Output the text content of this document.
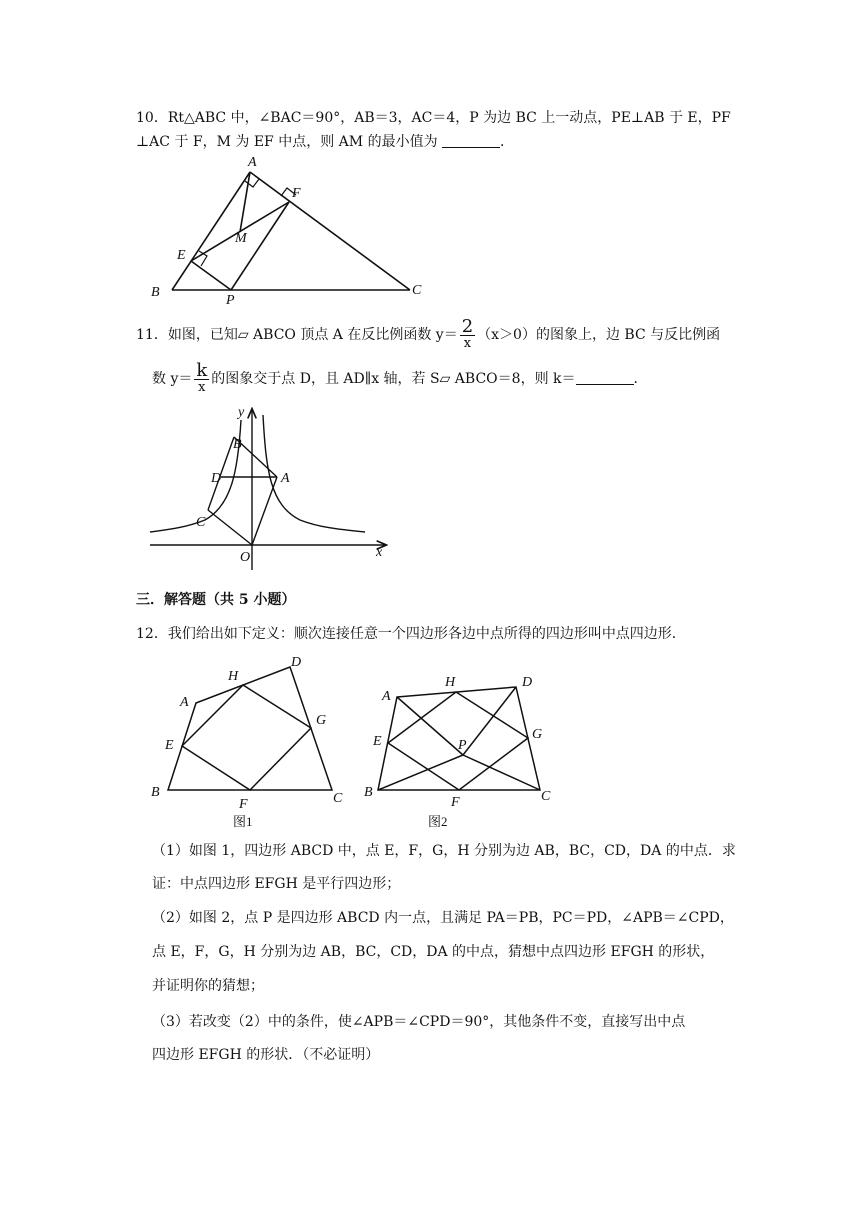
10．Rt△ABC 中，∠BAC＝90°，AB＝3，AC＝4，P 为边 BC 上一动点，PE⊥AB 于 E，PF
⊥AC 于 F，M 为 EF 中点，则 AM 的最小值为	．
A
B	C
E
F
M
P
11．如图，已知▱ ABCO 顶点 A 在反比例函数 $y= \frac{2}{x} (x>0)$的图象上，边 BC 与反比例函
数 $y= \frac{k}{x}$ 的图象交于点 D，且 AD∥x 轴，若 S▱ ABCO＝8，则 k＝	．
y
x
B
D	A
C
O
三．解答题（共 5 小题）
12．我们给出如下定义：顺次连接任意一个四边形各边中点所得的四边形叫中点四边形．
A
B	C
D
E
F
G
H
图1
A
B	C
D
E
F
G
H
P
图2
（1）如图 1，四边形 ABCD 中，点 E，F，G，H 分别为边 AB，BC，CD，DA 的中点．求
证：中点四边形 EFGH 是平行四边形；
（2）如图 2，点 P 是四边形 ABCD 内一点，且满足 PA＝PB，PC＝PD，∠APB＝∠CPD，
点 E，F，G，H 分别为边 AB，BC，CD，DA 的中点，猜想中点四边形 EFGH 的形状，
并证明你的猜想；
（3）若改变（2）中的条件，使∠APB＝∠CPD＝90°，其他条件不变，直接写出中点
四边形 EFGH 的形状．（不必证明）
